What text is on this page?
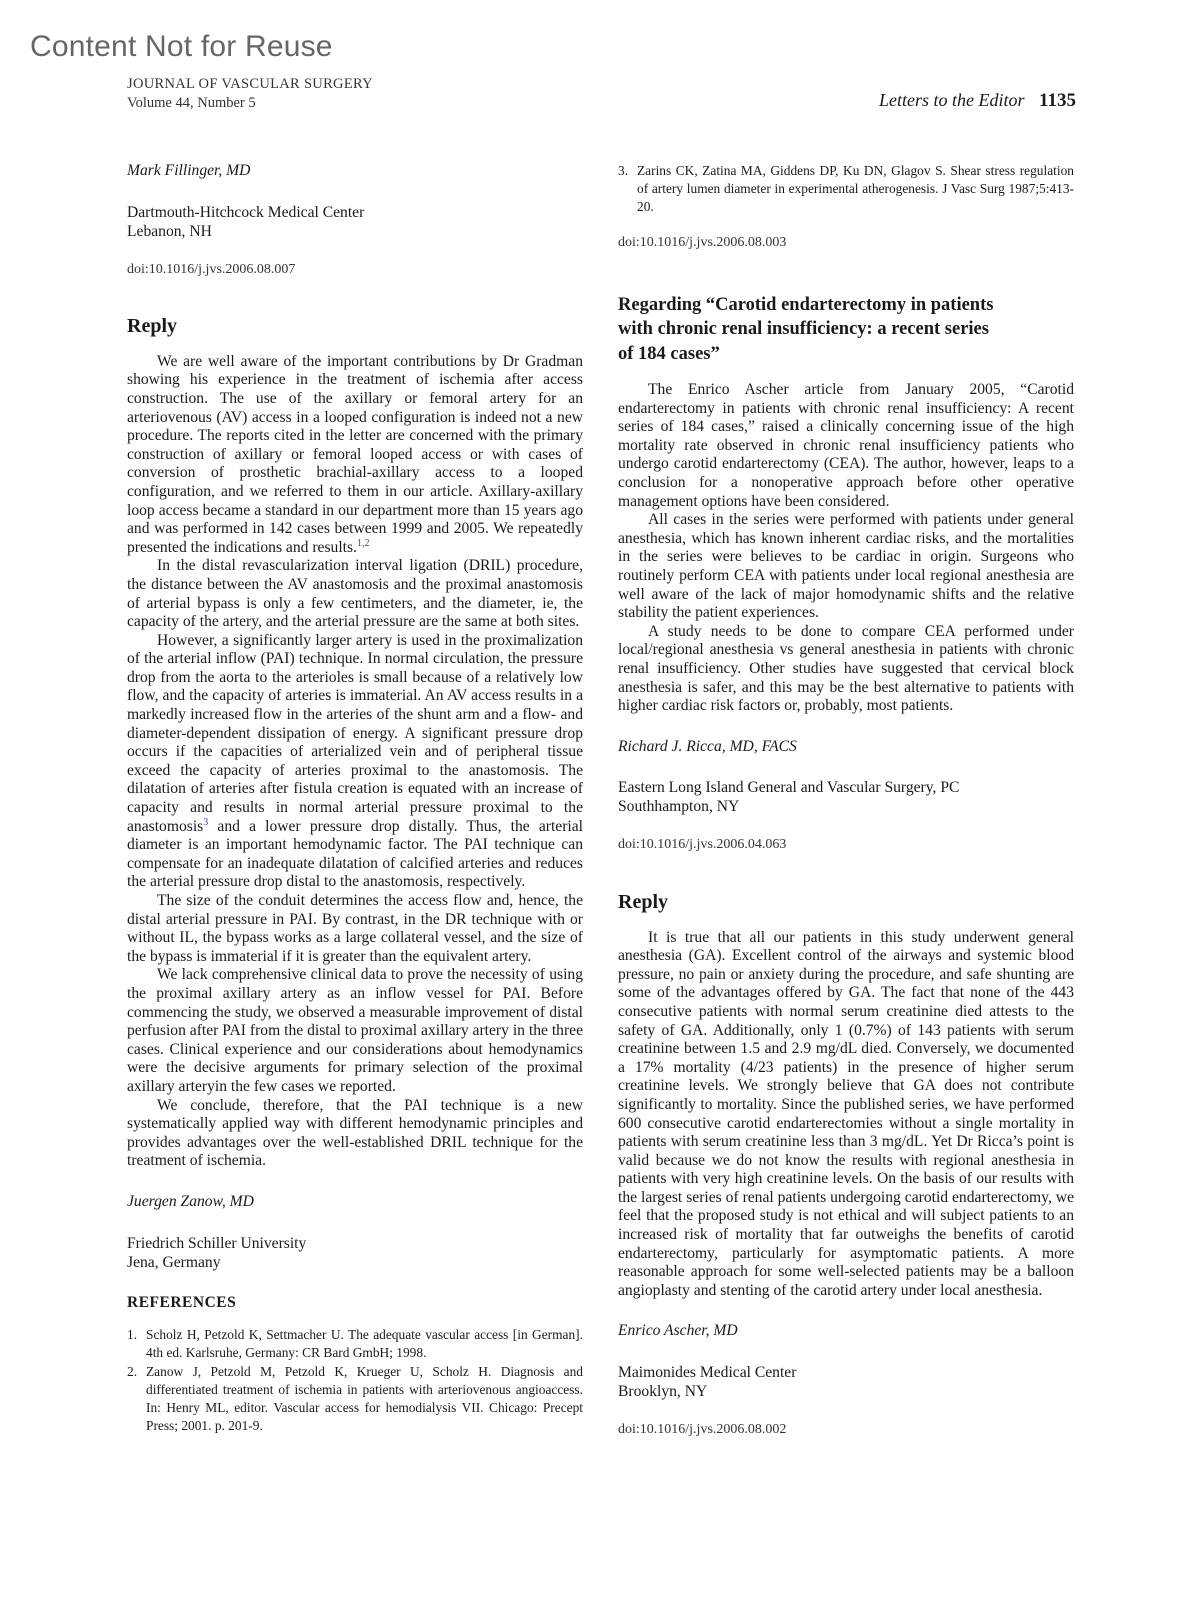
Content Not for Reuse
JOURNAL OF VASCULAR SURGERY
Volume 44, Number 5	Letters to the Editor 1135
Mark Fillinger, MD
Dartmouth-Hitchcock Medical Center
Lebanon, NH
doi:10.1016/j.jvs.2006.08.007
Reply

We are well aware of the important contributions by Dr Gradman showing his experience in the treatment of ischemia after access construction. The use of the axillary or femoral artery for an arteriovenous (AV) access in a looped configuration is indeed not a new procedure. The reports cited in the letter are concerned with the primary construction of axillary or femoral looped access or with cases of conversion of prosthetic brachial-axillary access to a looped configuration, and we referred to them in our article. Axillary-axillary loop access became a standard in our department more than 15 years ago and was performed in 142 cases between 1999 and 2005. We repeatedly presented the indications and results.$^{1,2}$

In the distal revascularization interval ligation (DRIL) procedure, the distance between the AV anastomosis and the proximal anastomosis of arterial bypass is only a few centimeters, and the diameter, ie, the capacity of the artery, and the arterial pressure are the same at both sites.

However, a significantly larger artery is used in the proximalization of the arterial inflow (PAI) technique. In normal circulation, the pressure drop from the aorta to the arterioles is small because of a relatively low flow, and the capacity of arteries is immaterial. An AV access results in a markedly increased flow in the arteries of the shunt arm and a flow- and diameter-dependent dissipation of energy. A significant pressure drop occurs if the capacities of arterialized vein and of peripheral tissue exceed the capacity of arteries proximal to the anastomosis. The dilatation of arteries after fistula creation is equated with an increase of capacity and results in normal arterial pressure proximal to the anastomosis$^3$ and a lower pressure drop distally. Thus, the arterial diameter is an important hemodynamic factor. The PAI technique can compensate for an inadequate dilatation of calcified arteries and reduces the arterial pressure drop distal to the anastomosis, respectively.

The size of the conduit determines the access flow and, hence, the distal arterial pressure in PAI. By contrast, in the DR technique with or without IL, the bypass works as a large collateral vessel, and the size of the bypass is immaterial if it is greater than the equivalent artery.

We lack comprehensive clinical data to prove the necessity of using the proximal axillary artery as an inflow vessel for PAI. Before commencing the study, we observed a measurable improvement of distal perfusion after PAI from the distal to proximal axillary artery in the three cases. Clinical experience and our considerations about hemodynamics were the decisive arguments for primary selection of the proximal axillary arteryin the few cases we reported.

We conclude, therefore, that the PAI technique is a new systematically applied way with different hemodynamic principles and provides advantages over the well-established DRIL technique for the treatment of ischemia.

Juergen Zanow, MD
Friedrich Schiller University
Jena, Germany
REFERENCES
1. Scholz H, Petzold K, Settmacher U. The adequate vascular access [in German]. 4th ed. Karlsruhe, Germany: CR Bard GmbH; 1998.
2. Zanow J, Petzold M, Petzold K, Krueger U, Scholz H. Diagnosis and differentiated treatment of ischemia in patients with arteriovenous angioaccess. In: Henry ML, editor. Vascular access for hemodialysis VII. Chicago: Precept Press; 2001. p. 201-9.
3. Zarins CK, Zatina MA, Giddens DP, Ku DN, Glagov S. Shear stress regulation of artery lumen diameter in experimental atherogenesis. J Vasc Surg 1987;5:413-20.
doi:10.1016/j.jvs.2006.08.003
Regarding “Carotid endarterectomy in patients
with chronic renal insufficiency: a recent series
of 184 cases”

The Enrico Ascher article from January 2005, “Carotid endarterectomy in patients with chronic renal insufficiency: A recent series of 184 cases,” raised a clinically concerning issue of the high mortality rate observed in chronic renal insufficiency patients who undergo carotid endarterectomy (CEA). The author, however, leaps to a conclusion for a nonoperative approach before other operative management options have been considered.

All cases in the series were performed with patients under general anesthesia, which has known inherent cardiac risks, and the mortalities in the series were believes to be cardiac in origin. Surgeons who routinely perform CEA with patients under local regional anesthesia are well aware of the lack of major homodynamic shifts and the relative stability the patient experiences.

A study needs to be done to compare CEA performed under local/regional anesthesia vs general anesthesia in patients with chronic renal insufficiency. Other studies have suggested that cervical block anesthesia is safer, and this may be the best alternative to patients with higher cardiac risk factors or, probably, most patients.

Richard J. Ricca, MD, FACS
Eastern Long Island General and Vascular Surgery, PC
Southhampton, NY
doi:10.1016/j.jvs.2006.04.063
Reply

It is true that all our patients in this study underwent general anesthesia (GA). Excellent control of the airways and systemic blood pressure, no pain or anxiety during the procedure, and safe shunting are some of the advantages offered by GA. The fact that none of the 443 consecutive patients with normal serum creatinine died attests to the safety of GA. Additionally, only 1 (0.7%) of 143 patients with serum creatinine between 1.5 and 2.9 mg/dL died. Conversely, we documented a 17% mortality (4/23 patients) in the presence of higher serum creatinine levels. We strongly believe that GA does not contribute significantly to mortality. Since the published series, we have performed 600 consecutive carotid endarterectomies without a single mortality in patients with serum creatinine less than 3 mg/dL. Yet Dr Ricca’s point is valid because we do not know the results with regional anesthesia in patients with very high creatinine levels. On the basis of our results with the largest series of renal patients undergoing carotid endarterectomy, we feel that the proposed study is not ethical and will subject patients to an increased risk of mortality that far outweighs the benefits of carotid endarterectomy, particularly for asymptomatic patients. A more reasonable approach for some well-selected patients may be a balloon angioplasty and stenting of the carotid artery under local anesthesia.

Enrico Ascher, MD
Maimonides Medical Center
Brooklyn, NY
doi:10.1016/j.jvs.2006.08.002
